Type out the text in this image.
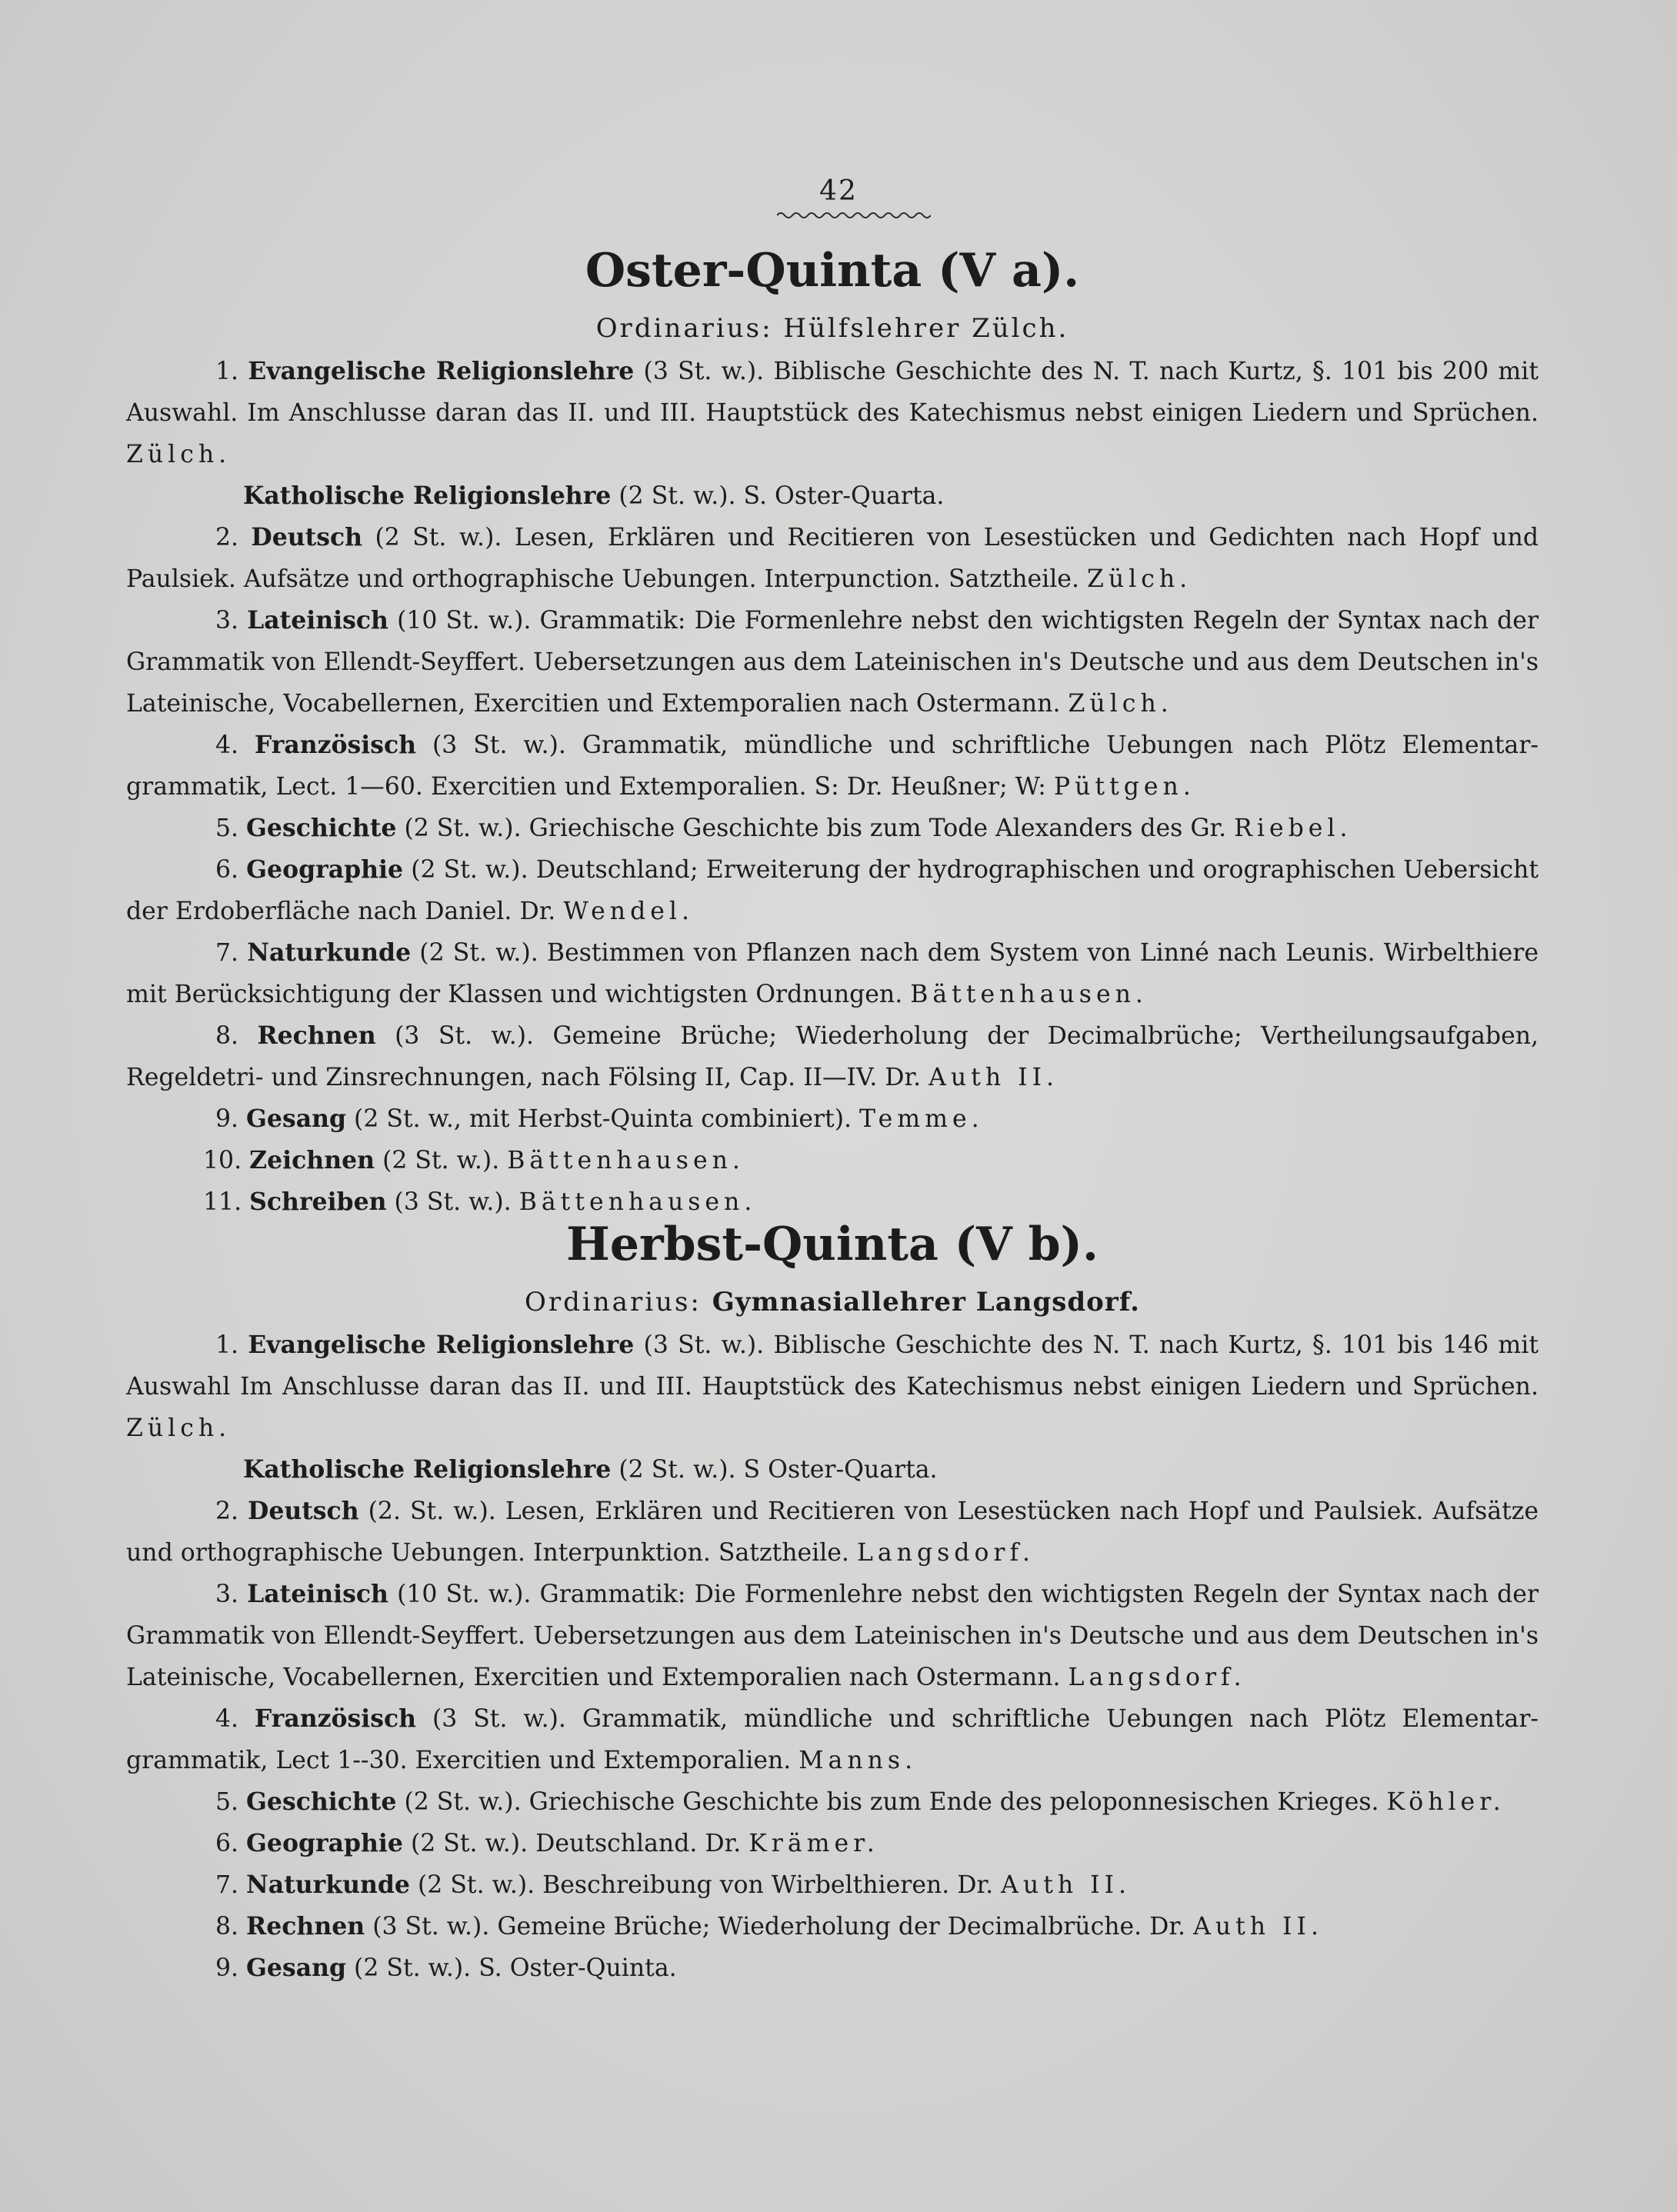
42
Oster-Quinta (V a).
Ordinarius: Hülfslehrer Zülch.

1. Evangelische Religionslehre (3 St. w.). Biblische Geschichte des N. T. nach Kurtz, §. 101 bis 200 mit Auswahl. Im Anschlusse daran das II. und III. Hauptstück des Katechismus nebst einigen Liedern und Sprüchen. Zülch.

Katholische Religionslehre (2 St. w.). S. Oster-Quarta.

2. Deutsch (2 St. w.). Lesen, Erklären und Recitieren von Lesestücken und Gedichten nach Hopf und Paulsiek. Aufsätze und orthographische Uebungen. Interpunction. Satztheile. Zülch.

3. Lateinisch (10 St. w.). Grammatik: Die Formenlehre nebst den wichtigsten Regeln der Syntax nach der Grammatik von Ellendt-Seyffert. Uebersetzungen aus dem Lateinischen in's Deutsche und aus dem Deutschen in's Lateinische, Vocabellernen, Exercitien und Extemporalien nach Ostermann. Zülch.

4. Französisch (3 St. w.). Grammatik, mündliche und schriftliche Uebungen nach Plötz Elementar-grammatik, Lect. 1—60. Exercitien und Extemporalien. S: Dr. Heußner; W: Püttgen.

5. Geschichte (2 St. w.). Griechische Geschichte bis zum Tode Alexanders des Gr. Riebel.

6. Geographie (2 St. w.). Deutschland; Erweiterung der hydrographischen und orographischen Uebersicht der Erdoberfläche nach Daniel. Dr. Wendel.

7. Naturkunde (2 St. w.). Bestimmen von Pflanzen nach dem System von Linné nach Leunis. Wirbelthiere mit Berücksichtigung der Klassen und wichtigsten Ordnungen. Bättenhausen.

8. Rechnen (3 St. w.). Gemeine Brüche; Wiederholung der Decimalbrüche; Vertheilungsaufgaben, Regeldetri- und Zinsrechnungen, nach Fölsing II, Cap. II—IV. Dr. Auth II.

9. Gesang (2 St. w., mit Herbst-Quinta combiniert). Temme.

10. Zeichnen (2 St. w.). Bättenhausen.

11. Schreiben (3 St. w.). Bättenhausen.

Herbst-Quinta (V b).
Ordinarius: Gymnasiallehrer Langsdorf.

1. Evangelische Religionslehre (3 St. w.). Biblische Geschichte des N. T. nach Kurtz, §. 101 bis 146 mit Auswahl Im Anschlusse daran das II. und III. Hauptstück des Katechismus nebst einigen Liedern und Sprüchen. Zülch.

Katholische Religionslehre (2 St. w.). S Oster-Quarta.

2. Deutsch (2. St. w.). Lesen, Erklären und Recitieren von Lesestücken nach Hopf und Paulsiek. Aufsätze und orthographische Uebungen. Interpunktion. Satztheile. Langsdorf.

3. Lateinisch (10 St. w.). Grammatik: Die Formenlehre nebst den wichtigsten Regeln der Syntax nach der Grammatik von Ellendt-Seyffert. Uebersetzungen aus dem Lateinischen in's Deutsche und aus dem Deutschen in's Lateinische, Vocabellernen, Exercitien und Extemporalien nach Ostermann. Langsdorf.

4. Französisch (3 St. w.). Grammatik, mündliche und schriftliche Uebungen nach Plötz Elementar-grammatik, Lect 1--30. Exercitien und Extemporalien. Manns.

5. Geschichte (2 St. w.). Griechische Geschichte bis zum Ende des peloponnesischen Krieges. Köhler.

6. Geographie (2 St. w.). Deutschland. Dr. Krämer.

7. Naturkunde (2 St. w.). Beschreibung von Wirbelthieren. Dr. Auth II.

8. Rechnen (3 St. w.). Gemeine Brüche; Wiederholung der Decimalbrüche. Dr. Auth II.

9. Gesang (2 St. w.). S. Oster-Quinta.
